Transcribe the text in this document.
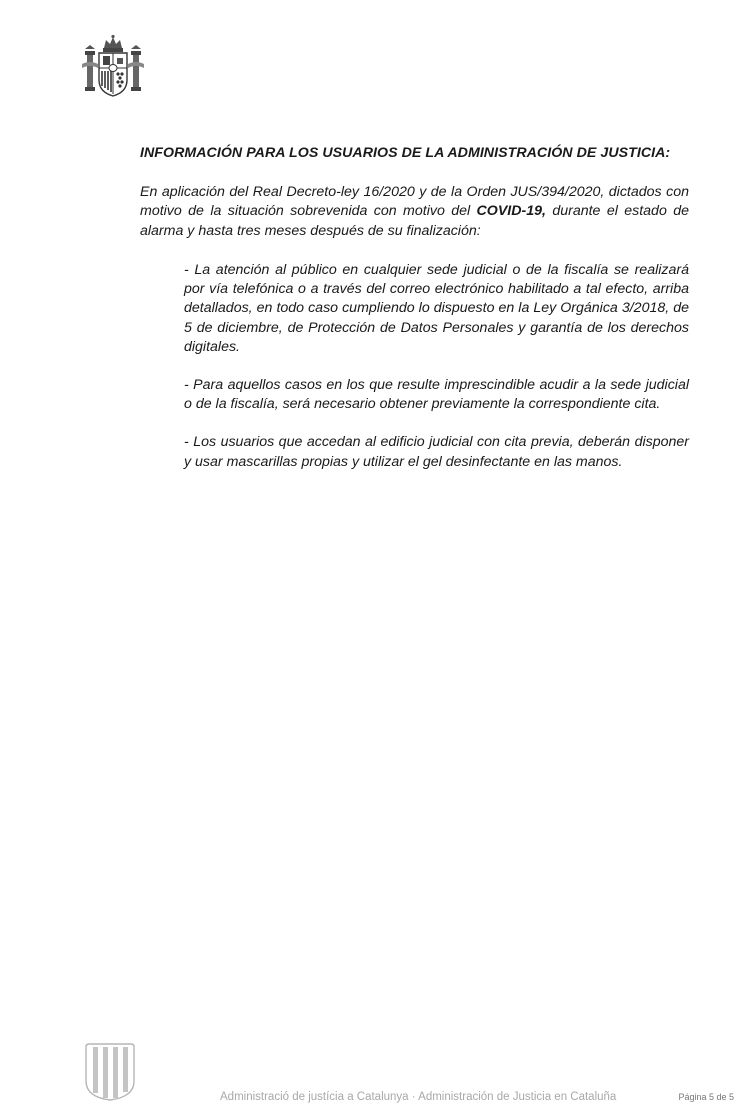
INFORMACIÓN PARA LOS USUARIOS DE LA ADMINISTRACIÓN DE JUSTICIA:

En aplicación del Real Decreto-ley 16/2020 y de la Orden JUS/394/2020, dictados con motivo de la situación sobrevenida con motivo del COVID-19, durante el estado de alarma y hasta tres meses después de su finalización:

- La atención al público en cualquier sede judicial o de la fiscalía se realizará por vía telefónica o a través del correo electrónico habilitado a tal efecto, arriba detallados, en todo caso cumpliendo lo dispuesto en la Ley Orgánica 3/2018, de 5 de diciembre, de Protección de Datos Personales y garantía de los derechos digitales.

- Para aquellos casos en los que resulte imprescindible acudir a la sede judicial o de la fiscalía, será necesario obtener previamente la correspondiente cita.

- Los usuarios que accedan al edificio judicial con cita previa, deberán disponer y usar mascarillas propias y utilizar el gel desinfectante en las manos.

Administració de justícia a Catalunya · Administración de Justicia en Cataluña	Página 5 de 5
